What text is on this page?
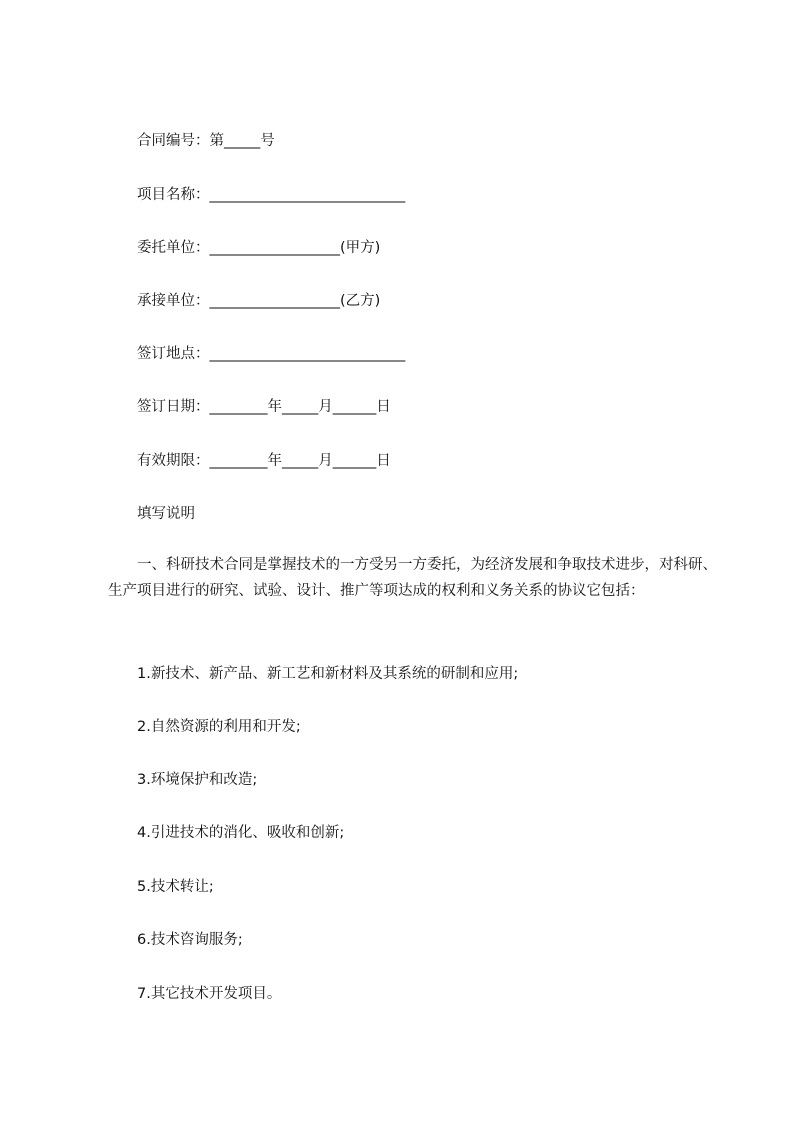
合同编号：第_____号
项目名称：___________________________
委托单位：__________________(甲方)
承接单位：__________________(乙方)
签订地点：___________________________
签订日期：________年_____月______日
有效期限：________年_____月______日
填写说明
一、科研技术合同是掌握技术的一方受另一方委托，为经济发展和争取技术进步，对科研、生产项目进行的研究、试验、设计、推广等项达成的权利和义务关系的协议它包括：
1.新技术、新产品、新工艺和新材料及其系统的研制和应用;
2.自然资源的利用和开发;
3.环境保护和改造;
4.引进技术的消化、吸收和创新;
5.技术转让;
6.技术咨询服务;
7.其它技术开发项目。
